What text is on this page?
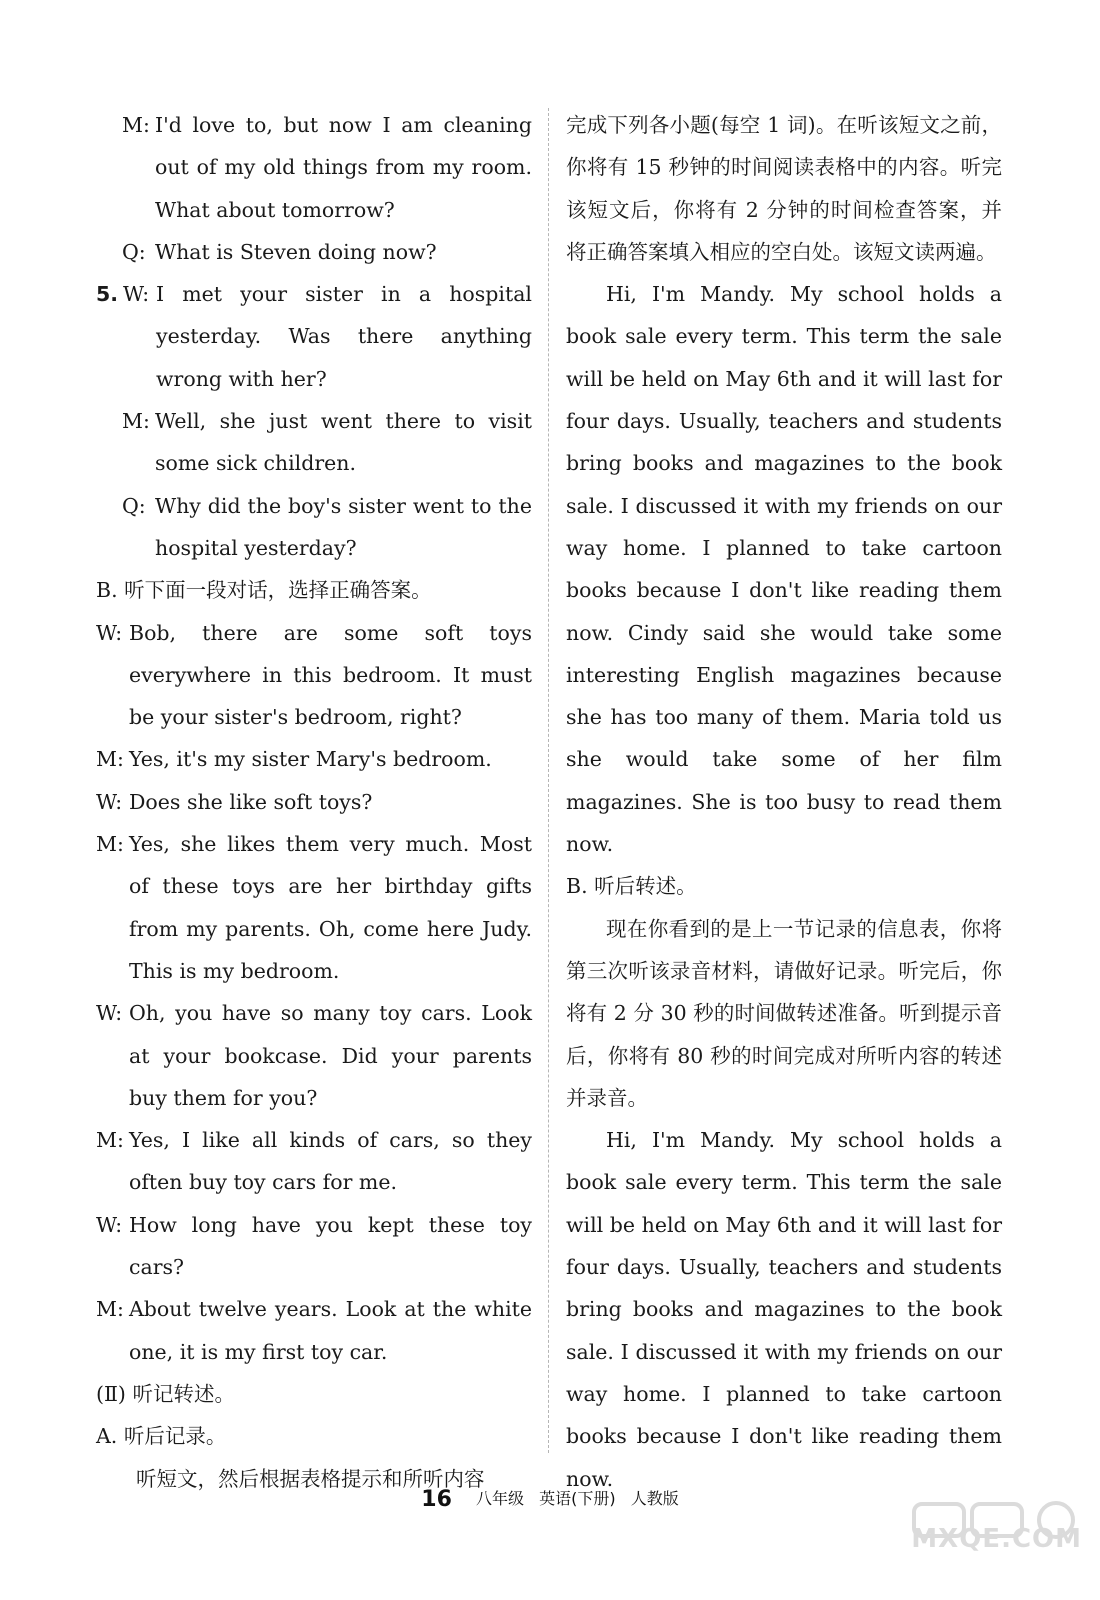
M: I'd love to, but now I am cleaning out of my old things from my room. What about tomorrow?

Q: What is Steven doing now?

5. W: I met your sister in a hospital yesterday. Was there anything wrong with her?

M: Well, she just went there to visit some sick children.

Q: Why did the boy's sister went to the hospital yesterday?

B. 听下面一段对话，选择正确答案。

W: Bob, there are some soft toys everywhere in this bedroom. It must be your sister's bedroom, right?

M: Yes, it's my sister Mary's bedroom.

W: Does she like soft toys?

M: Yes, she likes them very much. Most of these toys are her birthday gifts from my parents. Oh, come here Judy. This is my bedroom.

W: Oh, you have so many toy cars. Look at your bookcase. Did your parents buy them for you?

M: Yes, I like all kinds of cars, so they often buy toy cars for me.

W: How long have you kept these toy cars?

M: About twelve years. Look at the white one, it is my first toy car.

(Ⅱ) 听记转述。

A. 听后记录。

听短文，然后根据表格提示和所听内容

完成下列各小题(每空 1 词)。在听该短文之前，你将有 15 秒钟的时间阅读表格中的内容。听完该短文后，你将有 2 分钟的时间检查答案，并将正确答案填入相应的空白处。该短文读两遍。

Hi, I'm Mandy. My school holds a book sale every term. This term the sale will be held on May 6th and it will last for four days. Usually, teachers and students bring books and magazines to the book sale. I discussed it with my friends on our way home. I planned to take cartoon books because I don't like reading them now. Cindy said she would take some interesting English magazines because she has too many of them. Maria told us she would take some of her film magazines. She is too busy to read them now.

B. 听后转述。

现在你看到的是上一节记录的信息表，你将第三次听该录音材料，请做好记录。听完后，你将有 2 分 30 秒的时间做转述准备。听到提示音后，你将有 80 秒的时间完成对所听内容的转述并录音。

Hi, I'm Mandy. My school holds a book sale every term. This term the sale will be held on May 6th and it will last for four days. Usually, teachers and students bring books and magazines to the book sale. I discussed it with my friends on our way home. I planned to take cartoon books because I don't like reading them now.

16 八年级 英语(下册) 人教版
MXQE.COM
